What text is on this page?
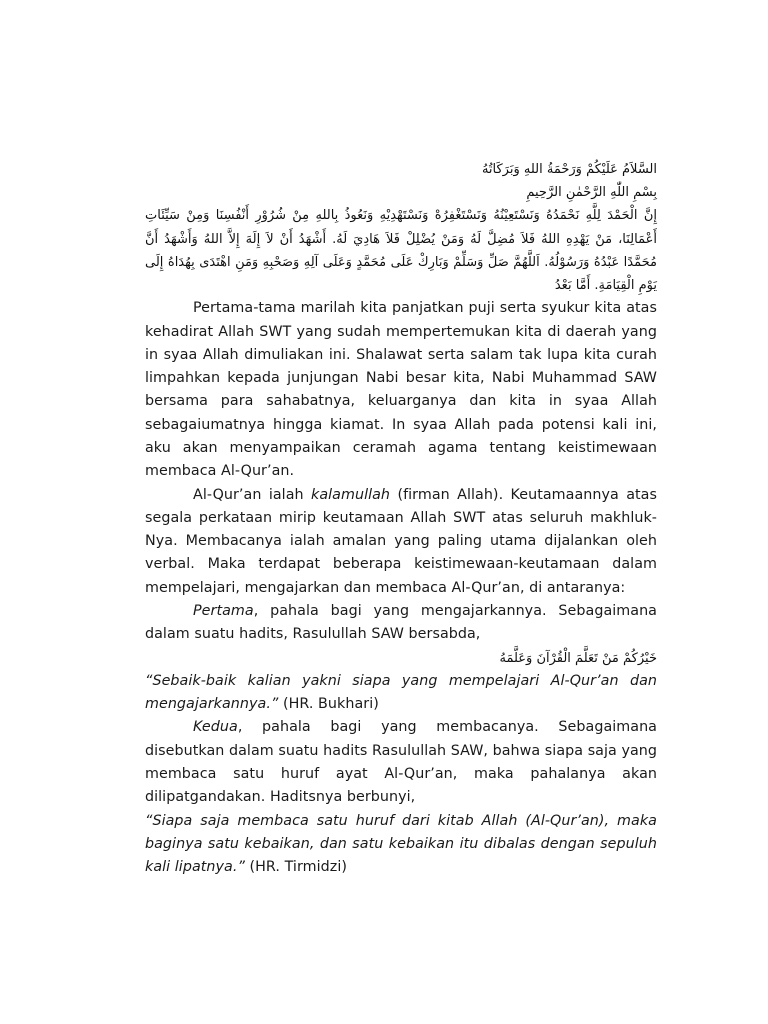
السَّلاَمُ عَلَيْكُمْ وَرَحْمَةُ اللهِ وَبَرَكَاتُهُ

بِسْمِ اللّٰهِ الرَّحْمٰنِ الرَّحِيمِ

إِنَّ الْحَمْدَ لِلَّهِ نَحْمَدُهُ وَنَسْتَعِيْنُهُ وَنَسْتَغْفِرُهْ وَنَسْتَهْدِيْهِ وَنَعُوذُ بِاللهِ مِنْ شُرُوْرِ أَنْفُسِنَا وَمِنْ سَيِّئَاتِ أَعْمَالِنَا، مَنْ يَهْدِهِ اللهُ فَلاَ مُضِلَّ لَهُ وَمَنْ يُضْلِلْ فَلاَ هَادِيَ لَهُ. أَشْهَدُ أَنْ لاَ إِلَهَ إِلاَّ اللهُ وَأَشْهَدُ أَنَّ مُحَمَّدًا عَبْدُهُ وَرَسُوْلُهُ. اَللَّهُمَّ صَلِّ وَسَلِّمْ وَبَارِكْ عَلَى مُحَمَّدٍ وَعَلَى آلِهِ وَصَحْبِهِ وَمَنِ اهْتَدَى بِهُدَاهُ إِلَى يَوْمِ الْقِيَامَةِ. أَمَّا بَعْدُ

Pertama-tama marilah kita panjatkan puji serta syukur kita atas kehadirat Allah SWT yang sudah mempertemukan kita di daerah yang in syaa Allah dimuliakan ini. Shalawat serta salam tak lupa kita curah limpahkan kepada junjungan Nabi besar kita, Nabi Muhammad SAW bersama para sahabatnya, keluarganya dan kita in syaa Allah sebagaiumatnya hingga kiamat. In syaa Allah pada potensi kali ini, aku akan menyampaikan ceramah agama tentang keistimewaan membaca Al-Qur’an.

Al-Qur’an ialah kalamullah (firman Allah). Keutamaannya atas segala perkataan mirip keutamaan Allah SWT atas seluruh makhluk-Nya. Membacanya ialah amalan yang paling utama dijalankan oleh verbal. Maka terdapat beberapa keistimewaan-keutamaan dalam mempelajari, mengajarkan dan membaca Al-Qur’an, di antaranya:

Pertama, pahala bagi yang mengajarkannya. Sebagaimana dalam suatu hadits, Rasulullah SAW bersabda,

خَيْرُكُمْ مَنْ تَعَلَّمَ الْقُرْآنَ وَعَلَّمَهُ

“Sebaik-baik kalian yakni siapa yang mempelajari Al-Qur’an dan mengajarkannya.” (HR. Bukhari)

Kedua, pahala bagi yang membacanya. Sebagaimana disebutkan dalam suatu hadits Rasulullah SAW, bahwa siapa saja yang membaca satu huruf ayat Al-Qur’an, maka pahalanya akan dilipatgandakan. Haditsnya berbunyi,

“Siapa saja membaca satu huruf dari kitab Allah (Al-Qur’an), maka baginya satu kebaikan, dan satu kebaikan itu dibalas dengan sepuluh kali lipatnya.” (HR. Tirmidzi)
